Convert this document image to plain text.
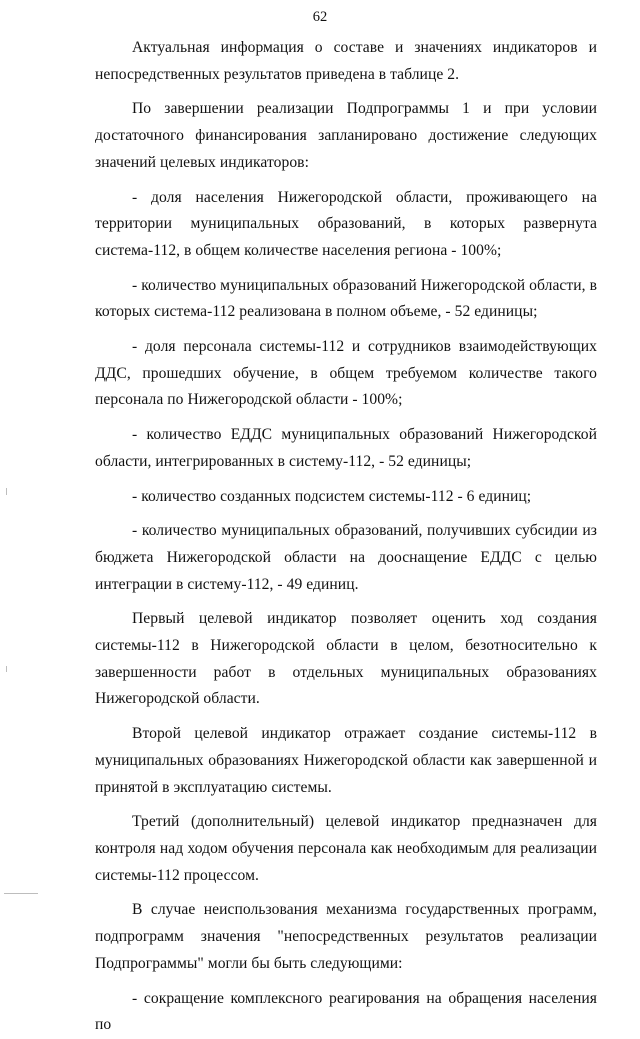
62

Актуальная информация о составе и значениях индикаторов и непосредственных результатов приведена в таблице 2.

По завершении реализации Подпрограммы 1 и при условии достаточного финансирования запланировано достижение следующих значений целевых индикаторов:

- доля населения Нижегородской области, проживающего на территории муниципальных образований, в которых развернута система-112, в общем количестве населения региона - 100%;

- количество муниципальных образований Нижегородской области, в которых система-112 реализована в полном объеме, - 52 единицы;

- доля персонала системы-112 и сотрудников взаимодействующих ДДС, прошедших обучение, в общем требуемом количестве такого персонала по Нижегородской области - 100%;

- количество ЕДДС муниципальных образований Нижегородской области, интегрированных в систему-112, - 52 единицы;

- количество созданных подсистем системы-112 - 6 единиц;

- количество муниципальных образований, получивших субсидии из бюджета Нижегородской области на дооснащение ЕДДС с целью интеграции в систему-112, - 49 единиц.

Первый целевой индикатор позволяет оценить ход создания системы-112 в Нижегородской области в целом, безотносительно к завершенности работ в отдельных муниципальных образованиях Нижегородской области.

Второй целевой индикатор отражает создание системы-112 в муниципальных образованиях Нижегородской области как завершенной и принятой в эксплуатацию системы.

Третий (дополнительный) целевой индикатор предназначен для контроля над ходом обучения персонала как необходимым для реализации системы-112 процессом.

В случае неиспользования механизма государственных программ, подпрограмм значения "непосредственных результатов реализации Подпрограммы" могли бы быть следующими:

- сокращение комплексного реагирования на обращения населения по
